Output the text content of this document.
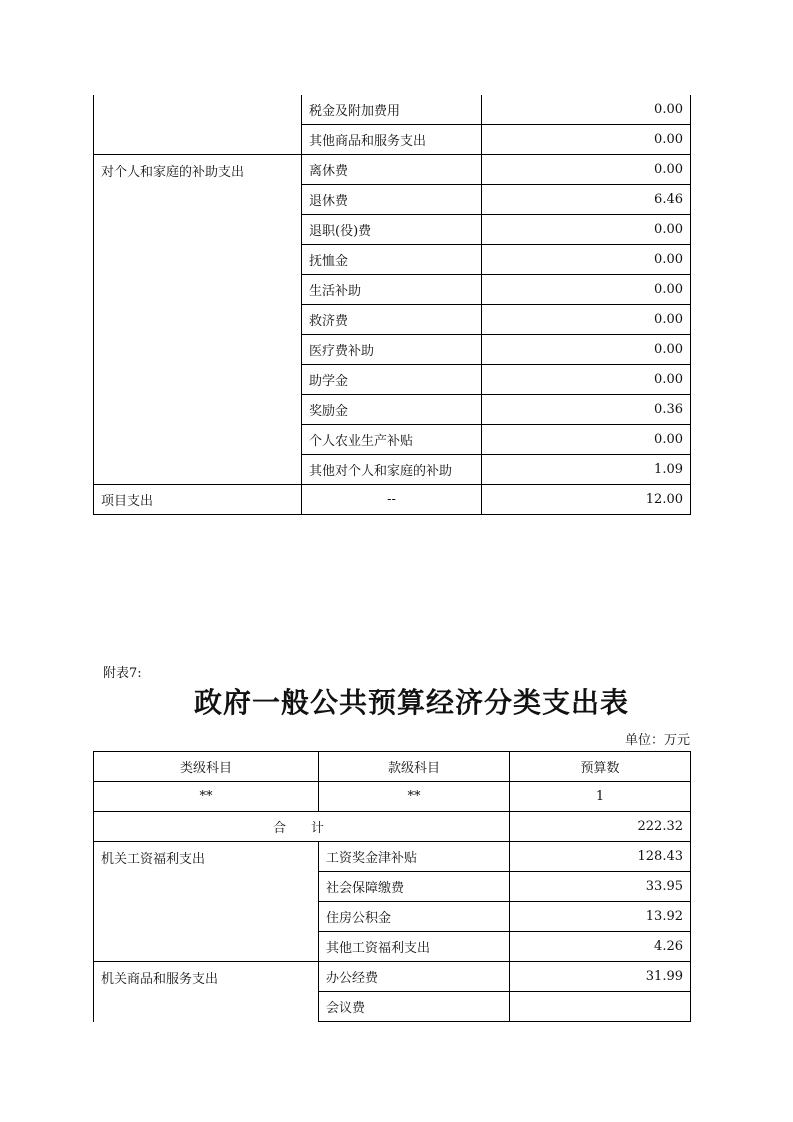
	税金及附加费用	0.00
	其他商品和服务支出	0.00
对个人和家庭的补助支出	离休费	0.00
	退休费	6.46
	退职(役)费	0.00
	抚恤金	0.00
	生活补助	0.00
	救济费	0.00
	医疗费补助	0.00
	助学金	0.00
	奖励金	0.36
	个人农业生产补贴	0.00
	其他对个人和家庭的补助	1.09
项目支出	--	12.00
附表7:
政府一般公共预算经济分类支出表
单位：万元
类级科目	款级科目	预算数
**	**	1
合　计		222.32
机关工资福利支出	工资奖金津补贴	128.43
	社会保障缴费	33.95
	住房公积金	13.92
	其他工资福利支出	4.26
机关商品和服务支出	办公经费	31.99
	会议费	
